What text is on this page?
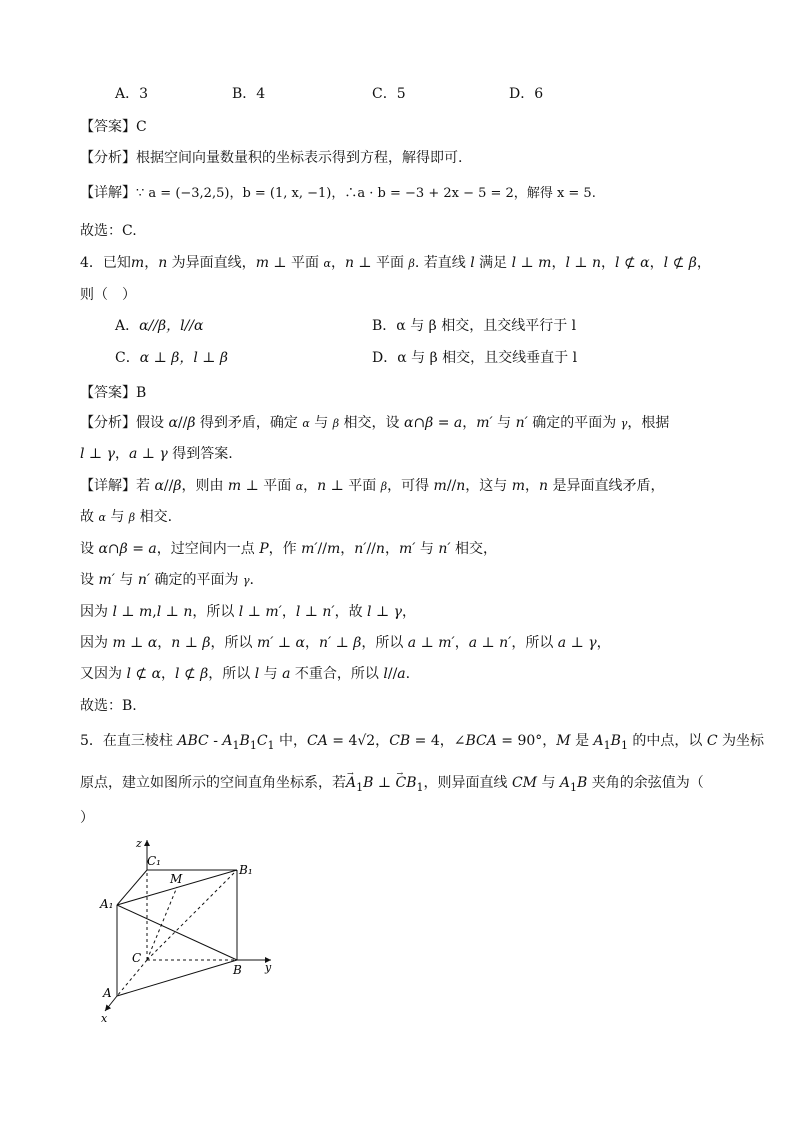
A．3	B．4	C．5	D．6
【答案】C
【分析】根据空间向量数量积的坐标表示得到方程，解得即可.
【详解】∵ a = (−3,2,5)，b = (1, x, −1)，∴a · b = −3 + 2x − 5 = 2，解得 x = 5.
故选：C.
4．已知m，n 为异面直线，m ⊥ 平面 α，n ⊥ 平面 β. 若直线 l 满足 l ⊥ m，l ⊥ n，l ⊄ α，l ⊄ β，
则（　）
A．α//β，l//α	B．α 与 β 相交，且交线平行于 l
C．α ⊥ β，l ⊥ β	D．α 与 β 相交，且交线垂直于 l
【答案】B
【分析】假设 α//β 得到矛盾，确定 α 与 β 相交，设 α∩β = a，m′ 与 n′ 确定的平面为 γ，根据
l ⊥ γ，a ⊥ γ 得到答案.
【详解】若 α//β，则由 m ⊥ 平面 α，n ⊥ 平面 β，可得 m//n，这与 m，n 是异面直线矛盾，
故 α 与 β 相交.
设 α∩β = a，过空间内一点 P，作 m′//m，n′//n，m′ 与 n′ 相交，
设 m′ 与 n′ 确定的平面为 γ.
因为 l ⊥ m,l ⊥ n，所以 l ⊥ m′，l ⊥ n′，故 l ⊥ γ，
因为 m ⊥ α，n ⊥ β，所以 m′ ⊥ α，n′ ⊥ β，所以 a ⊥ m′，a ⊥ n′，所以 a ⊥ γ，
又因为 l ⊄ α，l ⊄ β，所以 l 与 a 不重合，所以 l//a.
故选：B.
5．在直三棱柱 ABC - $A_1B_1C_1$ 中，CA = 4√2，CB = 4，∠BCA = 90°，M 是 $A_1B_1$ 的中点，以 C 为坐标
原点，建立如图所示的空间直角坐标系，若→ $A_1B$ ⊥ → $CB_1$，则异面直线 CM 与 $A_1B$ 夹角的余弦值为（
）
z
C₁
B₁
M
A₁
C
B y
A
x
